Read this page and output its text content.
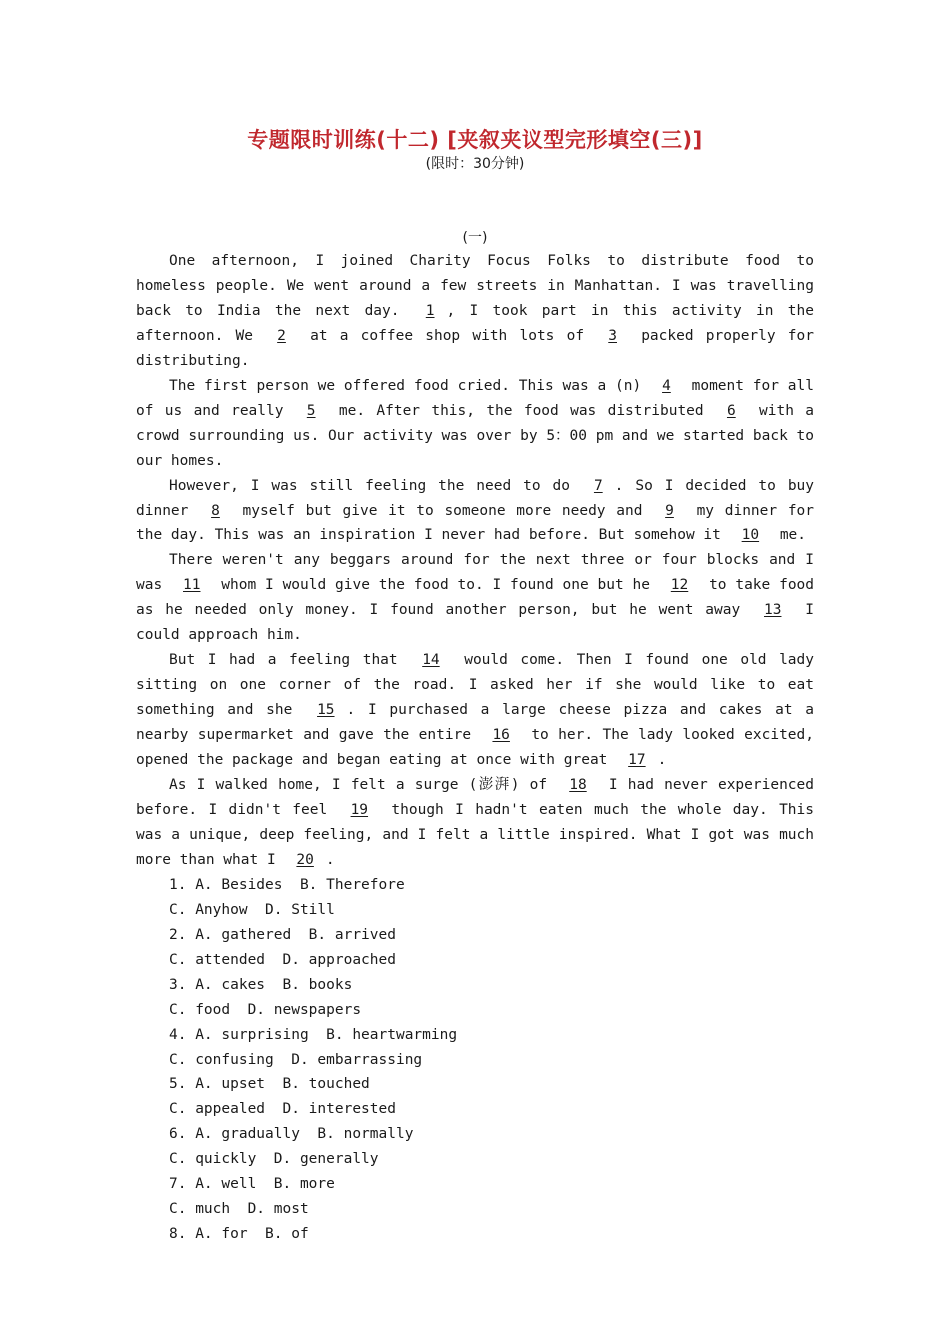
专题限时训练(十二) [夹叙夹议型完形填空(三)]
(限时：30分钟)
(一)

One afternoon, I joined Charity Focus Folks to distribute food to homeless people. We went around a few streets in Manhattan. I was travelling back to India the next day. 1 , I took part in this activity in the afternoon. We 2 at a coffee shop with lots of 3 packed properly for distributing.

The first person we offered food cried. This was a (n) 4 moment for all of us and really 5 me. After this, the food was distributed 6 with a crowd surrounding us. Our activity was over by 5：00 pm and we started back to our homes.

However, I was still feeling the need to do 7 . So I decided to buy dinner 8 myself but give it to someone more needy and 9 my dinner for the day. This was an inspiration I never had before. But somehow it 10 me.

There weren't any beggars around for the next three or four blocks and I was 11 whom I would give the food to. I found one but he 12 to take food as he needed only money. I found another person, but he went away 13 I could approach him.

But I had a feeling that 14 would come. Then I found one old lady sitting on one corner of the road. I asked her if she would like to eat something and she 15 . I purchased a large cheese pizza and cakes at a nearby supermarket and gave the entire 16 to her. The lady looked excited, opened the package and began eating at once with great 17 .

As I walked home, I felt a surge (澎湃) of 18 I had never experienced before. I didn't feel 19 though I hadn't eaten much the whole day. This was a unique, deep feeling, and I felt a little inspired. What I got was much more than what I 20 .

1. A. Besides  B. Therefore

C. Anyhow  D. Still

2. A. gathered  B. arrived

C. attended  D. approached

3. A. cakes  B. books

C. food  D. newspapers

4. A. surprising  B. heartwarming

C. confusing  D. embarrassing

5. A. upset  B. touched

C. appealed  D. interested

6. A. gradually  B. normally

C. quickly  D. generally

7. A. well  B. more

C. much  D. most

8. A. for  B. of
